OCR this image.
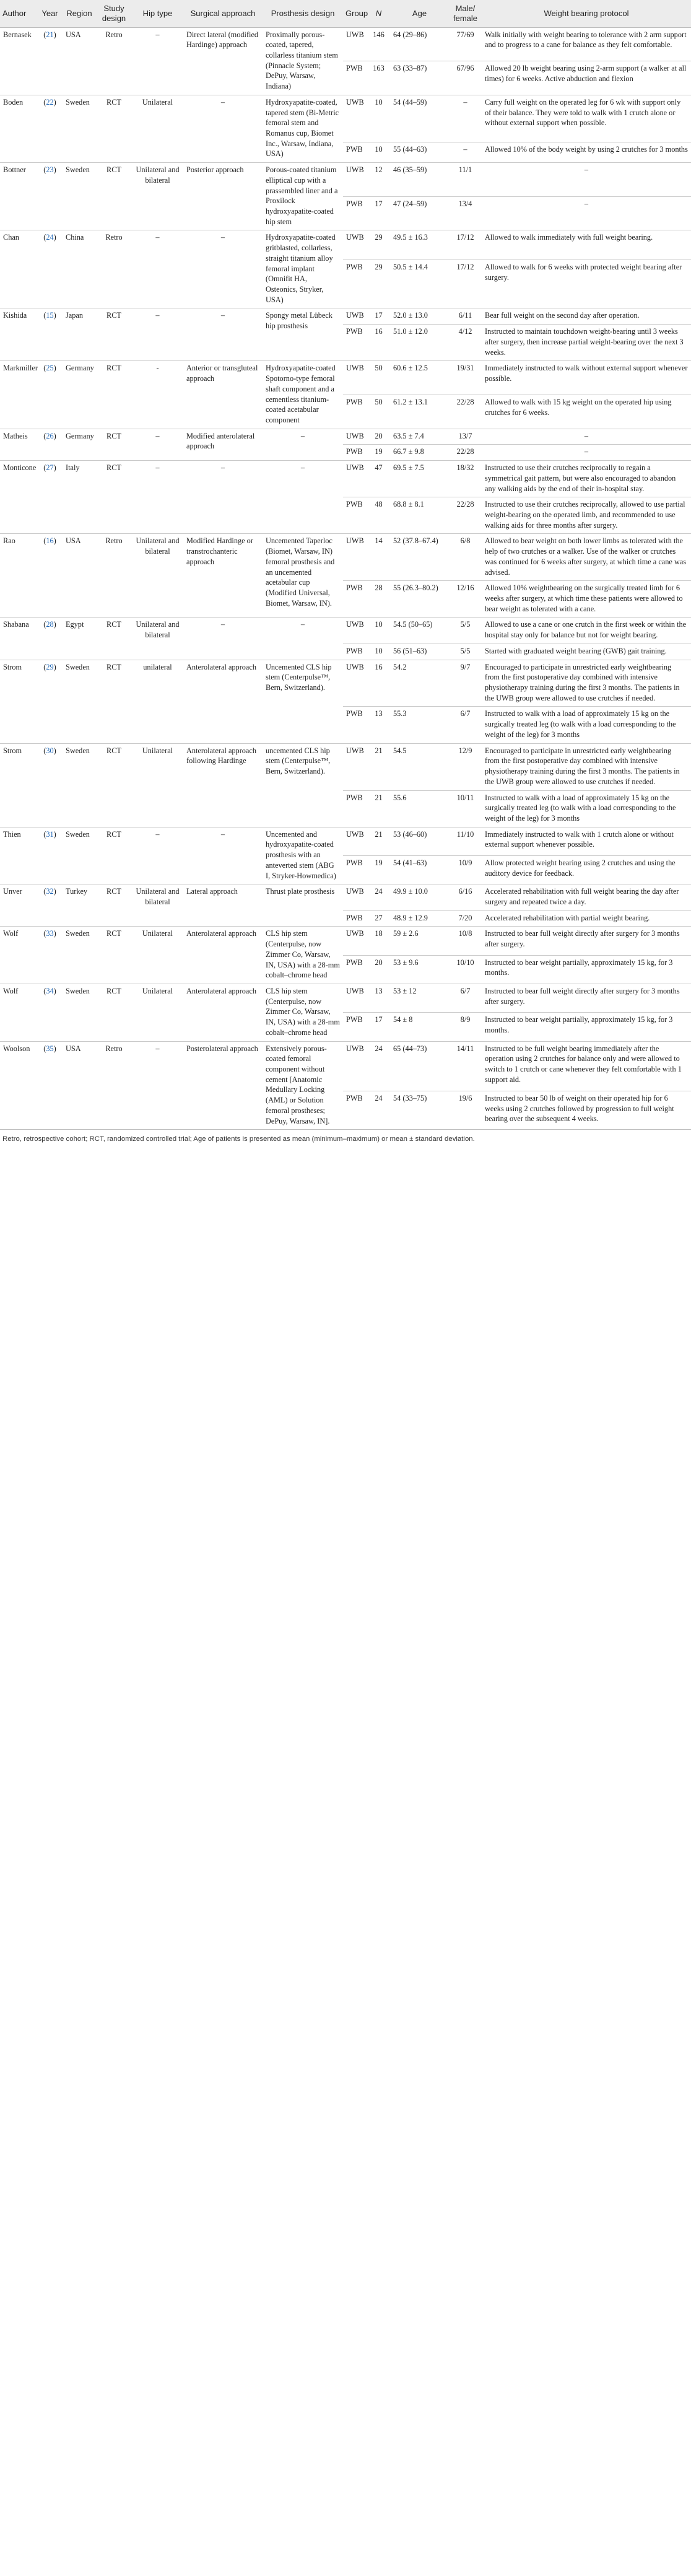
Author	Year	Region	Study design	Hip type	Surgical approach	Prosthesis design	Group	N	Age	Male/ female	Weight bearing protocol
Bernasek	(21)	USA	Retro	–	Direct lateral (modified Hardinge) approach	Proximally porous-coated, tapered, collarless titanium stem (Pinnacle System; DePuy, Warsaw, Indiana)	UWB	146	64 (29–86)	77/69	Walk initially with weight bearing to tolerance with 2 arm support and to progress to a cane for balance as they felt comfortable.
							PWB	163	63 (33–87)	67/96	Allowed 20 lb weight bearing using 2-arm support (a walker at all times) for 6 weeks. Active abduction and flexion
Boden	(22)	Sweden	RCT	Unilateral	–	Hydroxyapatite-coated, tapered stem (Bi-Metric femoral stem and Romanus cup, Biomet Inc., Warsaw, Indiana, USA)	UWB	10	54 (44–59)	–	Carry full weight on the operated leg for 6 wk with support only of their balance. They were told to walk with 1 crutch alone or without external support when possible.
							PWB	10	55 (44–63)	–	Allowed 10% of the body weight by using 2 crutches for 3 months
Bottner	(23)	Sweden	RCT	Unilateral and bilateral	Posterior approach	Porous-coated titanium elliptical cup with a prassembled liner and a Proxilock hydroxyapatite-coated hip stem	UWB	12	46 (35–59)	11/1	–
							PWB	17	47 (24–59)	13/4	–
Chan	(24)	China	Retro	–	–	Hydroxyapatite-coated gritblasted, collarless, straight titanium alloy femoral implant (Omnifit HA, Osteonics, Stryker, USA)	UWB	29	49.5 ± 16.3	17/12	Allowed to walk immediately with full weight bearing.
							PWB	29	50.5 ± 14.4	17/12	Allowed to walk for 6 weeks with protected weight bearing after surgery.
Kishida	(15)	Japan	RCT	–	–	Spongy metal Lübeck hip prosthesis	UWB	17	52.0 ± 13.0	6/11	Bear full weight on the second day after operation.
							PWB	16	51.0 ± 12.0	4/12	Instructed to maintain touchdown weight-bearing until 3 weeks after surgery, then increase partial weight-bearing over the next 3 weeks.
Markmiller	(25)	Germany	RCT	-	Anterior or transgluteal approach	Hydroxyapatite-coated Spotorno-type femoral shaft component and a cementless titanium-coated acetabular component	UWB	50	60.6 ± 12.5	19/31	Immediately instructed to walk without external support whenever possible.
							PWB	50	61.2 ± 13.1	22/28	Allowed to walk with 15 kg weight on the operated hip using crutches for 6 weeks.
Matheis	(26)	Germany	RCT	–	Modified anterolateral approach	–	UWB	20	63.5 ± 7.4	13/7	–
							PWB	19	66.7 ± 9.8	22/28	–
Monticone	(27)	Italy	RCT	–	–	–	UWB	47	69.5 ± 7.5	18/32	Instructed to use their crutches reciprocally to regain a symmetrical gait pattern, but were also encouraged to abandon any walking aids by the end of their in-hospital stay.
							PWB	48	68.8 ± 8.1	22/28	Instructed to use their crutches reciprocally, allowed to use partial weight-bearing on the operated limb, and recommended to use walking aids for three months after surgery.
Rao	(16)	USA	Retro	Unilateral and bilateral	Modified Hardinge or transtrochanteric approach	Uncemented Taperloc (Biomet, Warsaw, IN) femoral prosthesis and an uncemented acetabular cup (Modified Universal, Biomet, Warsaw, IN).	UWB	14	52 (37.8–67.4)	6/8	Allowed to bear weight on both lower limbs as tolerated with the help of two crutches or a walker. Use of the walker or crutches was continued for 6 weeks after surgery, at which time a cane was advised.
							PWB	28	55 (26.3–80.2)	12/16	Allowed 10% weightbearing on the surgically treated limb for 6 weeks after surgery, at which time these patients were allowed to bear weight as tolerated with a cane.
Shabana	(28)	Egypt	RCT	Unilateral and bilateral	–	–	UWB	10	54.5 (50–65)	5/5	Allowed to use a cane or one crutch in the first week or within the hospital stay only for balance but not for weight bearing.
							PWB	10	56 (51–63)	5/5	Started with graduated weight bearing (GWB) gait training.
Strom	(29)	Sweden	RCT	unilateral	Anterolateral approach	Uncemented CLS hip stem (Centerpulse™, Bern, Switzerland).	UWB	16	54.2	9/7	Encouraged to participate in unrestricted early weightbearing from the first postoperative day combined with intensive physiotherapy training during the first 3 months. The patients in the UWB group were allowed to use crutches if needed.
							PWB	13	55.3	6/7	Instructed to walk with a load of approximately 15 kg on the surgically treated leg (to walk with a load corresponding to the weight of the leg) for 3 months
Strom	(30)	Sweden	RCT	Unilateral	Anterolateral approach following Hardinge	uncemented CLS hip stem (Centerpulse™, Bern, Switzerland).	UWB	21	54.5	12/9	Encouraged to participate in unrestricted early weightbearing from the first postoperative day combined with intensive physiotherapy training during the first 3 months. The patients in the UWB group were allowed to use crutches if needed.
							PWB	21	55.6	10/11	Instructed to walk with a load of approximately 15 kg on the surgically treated leg (to walk with a load corresponding to the weight of the leg) for 3 months
Thien	(31)	Sweden	RCT	–	–	Uncemented and hydroxyapatite-coated prosthesis with an anteverted stem (ABG I, Stryker-Howmedica)	UWB	21	53 (46–60)	11/10	Immediately instructed to walk with 1 crutch alone or without external support whenever possible.
							PWB	19	54 (41–63)	10/9	Allow protected weight bearing using 2 crutches and using the auditory device for feedback.
Unver	(32)	Turkey	RCT	Unilateral and bilateral	Lateral approach	Thrust plate prosthesis	UWB	24	49.9 ± 10.0	6/16	Accelerated rehabilitation with full weight bearing the day after surgery and repeated twice a day.
							PWB	27	48.9 ± 12.9	7/20	Accelerated rehabilitation with partial weight bearing.
Wolf	(33)	Sweden	RCT	Unilateral	Anterolateral approach	CLS hip stem (Centerpulse, now Zimmer Co, Warsaw, IN, USA) with a 28-mm cobalt–chrome head	UWB	18	59 ± 2.6	10/8	Instructed to bear full weight directly after surgery for 3 months after surgery.
							PWB	20	53 ± 9.6	10/10	Instructed to bear weight partially, approximately 15 kg, for 3 months.
Wolf	(34)	Sweden	RCT	Unilateral	Anterolateral approach	CLS hip stem (Centerpulse, now Zimmer Co, Warsaw, IN, USA) with a 28-mm cobalt–chrome head	UWB	13	53 ± 12	6/7	Instructed to bear full weight directly after surgery for 3 months after surgery.
							PWB	17	54 ± 8	8/9	Instructed to bear weight partially, approximately 15 kg, for 3 months.
Woolson	(35)	USA	Retro	–	Posterolateral approach	Extensively porous-coated femoral component without cement [Anatomic Medullary Locking (AML) or Solution femoral prostheses; DePuy, Warsaw, IN].	UWB	24	65 (44–73)	14/11	Instructed to be full weight bearing immediately after the operation using 2 crutches for balance only and were allowed to switch to 1 crutch or cane whenever they felt comfortable with 1 support aid.
							PWB	24	54 (33–75)	19/6	Instructed to bear 50 lb of weight on their operated hip for 6 weeks using 2 crutches followed by progression to full weight bearing over the subsequent 4 weeks.
Retro, retrospective cohort; RCT, randomized controlled trial; Age of patients is presented as mean (minimum–maximum) or mean ± standard deviation.
